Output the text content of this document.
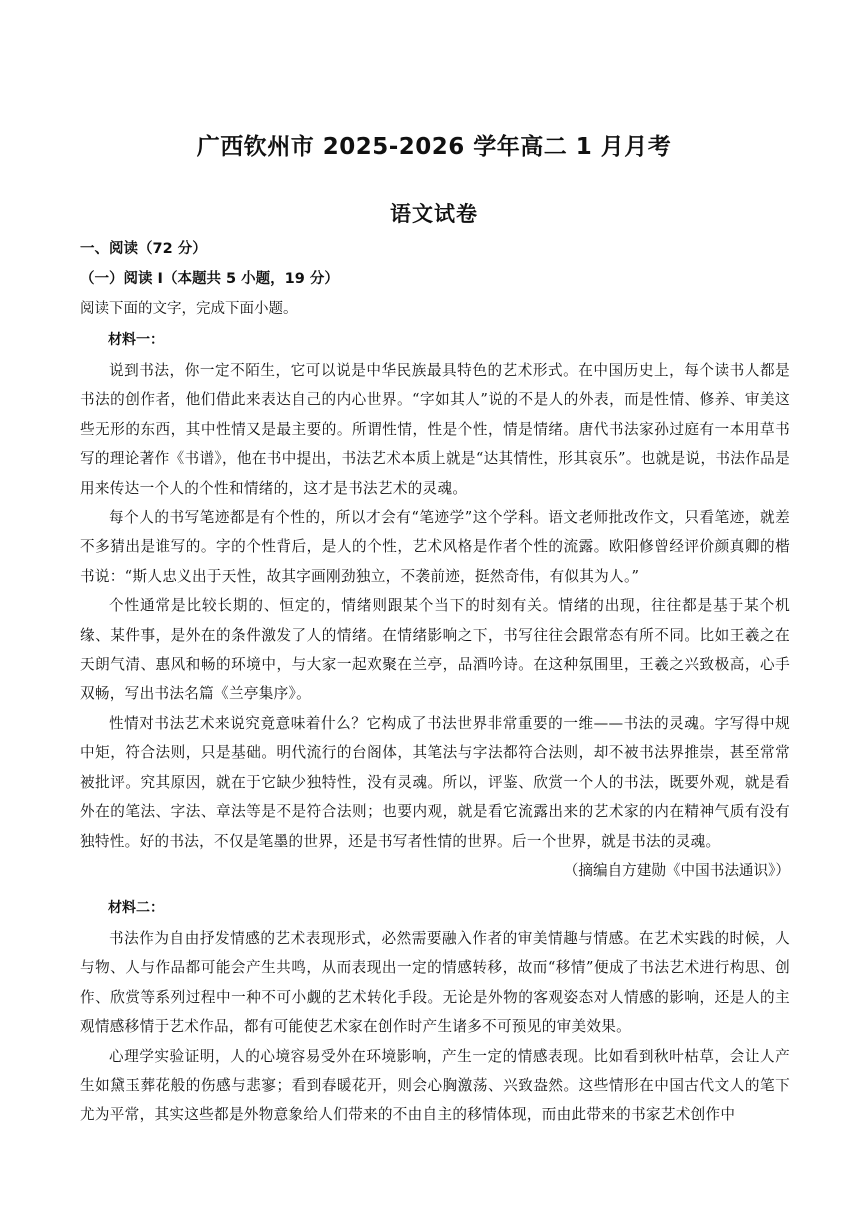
广西钦州市 2025-2026 学年高二 1 月月考
语文试卷
一、阅读（72 分）
（一）阅读 I（本题共 5 小题，19 分）
阅读下面的文字，完成下面小题。
材料一：

说到书法，你一定不陌生，它可以说是中华民族最具特色的艺术形式。在中国历史上，每个读书人都是书法的创作者，他们借此来表达自己的内心世界。“字如其人”说的不是人的外表，而是性情、修养、审美这些无形的东西，其中性情又是最主要的。所谓性情，性是个性，情是情绪。唐代书法家孙过庭有一本用草书写的理论著作《书谱》，他在书中提出，书法艺术本质上就是“达其情性，形其哀乐”。也就是说，书法作品是用来传达一个人的个性和情绪的，这才是书法艺术的灵魂。

每个人的书写笔迹都是有个性的，所以才会有“笔迹学”这个学科。语文老师批改作文，只看笔迹，就差不多猜出是谁写的。字的个性背后，是人的个性，艺术风格是作者个性的流露。欧阳修曾经评价颜真卿的楷书说：“斯人忠义出于天性，故其字画刚劲独立，不袭前迹，挺然奇伟，有似其为人。”

个性通常是比较长期的、恒定的，情绪则跟某个当下的时刻有关。情绪的出现，往往都是基于某个机缘、某件事，是外在的条件激发了人的情绪。在情绪影响之下，书写往往会跟常态有所不同。比如王羲之在天朗气清、惠风和畅的环境中，与大家一起欢聚在兰亭，品酒吟诗。在这种氛围里，王羲之兴致极高，心手双畅，写出书法名篇《兰亭集序》。

性情对书法艺术来说究竟意味着什么？它构成了书法世界非常重要的一维——书法的灵魂。字写得中规中矩，符合法则，只是基础。明代流行的台阁体，其笔法与字法都符合法则，却不被书法界推崇，甚至常常被批评。究其原因，就在于它缺少独特性，没有灵魂。所以，评鉴、欣赏一个人的书法，既要外观，就是看外在的笔法、字法、章法等是不是符合法则；也要内观，就是看它流露出来的艺术家的内在精神气质有没有独特性。好的书法，不仅是笔墨的世界，还是书写者性情的世界。后一个世界，就是书法的灵魂。

（摘编自方建勋《中国书法通识》）

材料二：

书法作为自由抒发情感的艺术表现形式，必然需要融入作者的审美情趣与情感。在艺术实践的时候，人与物、人与作品都可能会产生共鸣，从而表现出一定的情感转移，故而“移情”便成了书法艺术进行构思、创作、欣赏等系列过程中一种不可小觑的艺术转化手段。无论是外物的客观姿态对人情感的影响，还是人的主观情感移情于艺术作品，都有可能使艺术家在创作时产生诸多不可预见的审美效果。

心理学实验证明，人的心境容易受外在环境影响，产生一定的情感表现。比如看到秋叶枯草，会让人产生如黛玉葬花般的伤感与悲寥；看到春暖花开，则会心胸激荡、兴致盎然。这些情形在中国古代文人的笔下尤为平常，其实这些都是外物意象给人们带来的不由自主的移情体现，而由此带来的书家艺术创作中
